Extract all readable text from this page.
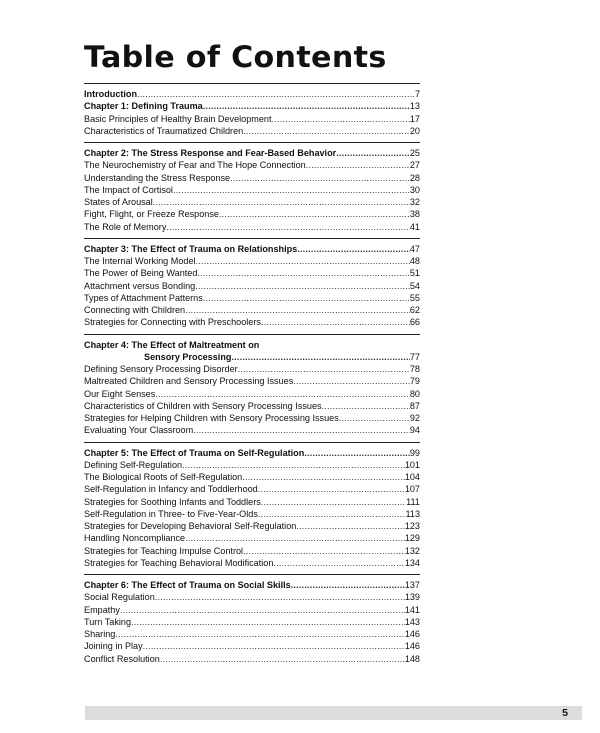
Table of Contents
Introduction .....	7
Chapter 1: Defining Trauma .....	13
Basic Principles of Healthy Brain Development .....	17
Characteristics of Traumatized Children .....	20
Chapter 2: The Stress Response and Fear-Based Behavior .....	25
The Neurochemistry of Fear and The Hope Connection .....	27
Understanding the Stress Response .....	28
The Impact of Cortisol .....	30
States of Arousal .....	32
Fight, Flight, or Freeze Response .....	38
The Role of Memory .....	41
Chapter 3: The Effect of Trauma on Relationships .....	47
The Internal Working Model .....	48
The Power of Being Wanted .....	51
Attachment versus Bonding .....	54
Types of Attachment Patterns .....	55
Connecting with Children .....	62
Strategies for Connecting with Preschoolers .....	66
Chapter 4: The Effect of Maltreatment on
Sensory Processing .....	77
Defining Sensory Processing Disorder .....	78
Maltreated Children and Sensory Processing Issues .....	79
Our Eight Senses .....	80
Characteristics of Children with Sensory Processing Issues .....	87
Strategies for Helping Children with Sensory Processing Issues .....	92
Evaluating Your Classroom .....	94
Chapter 5: The Effect of Trauma on Self-Regulation .....	99
Defining Self-Regulation .....	101
The Biological Roots of Self-Regulation .....	104
Self-Regulation in Infancy and Toddlerhood .....	107
Strategies for Soothing Infants and Toddlers .....	111
Self-Regulation in Three- to Five-Year-Olds .....	113
Strategies for Developing Behavioral Self-Regulation .....	123
Handling Noncompliance .....	129
Strategies for Teaching Impulse Control .....	132
Strategies for Teaching Behavioral Modification .....	134
Chapter 6: The Effect of Trauma on Social Skills .....	137
Social Regulation .....	139
Empathy .....	141
Turn Taking .....	143
Sharing .....	146
Joining in Play .....	146
Conflict Resolution .....	148
5
